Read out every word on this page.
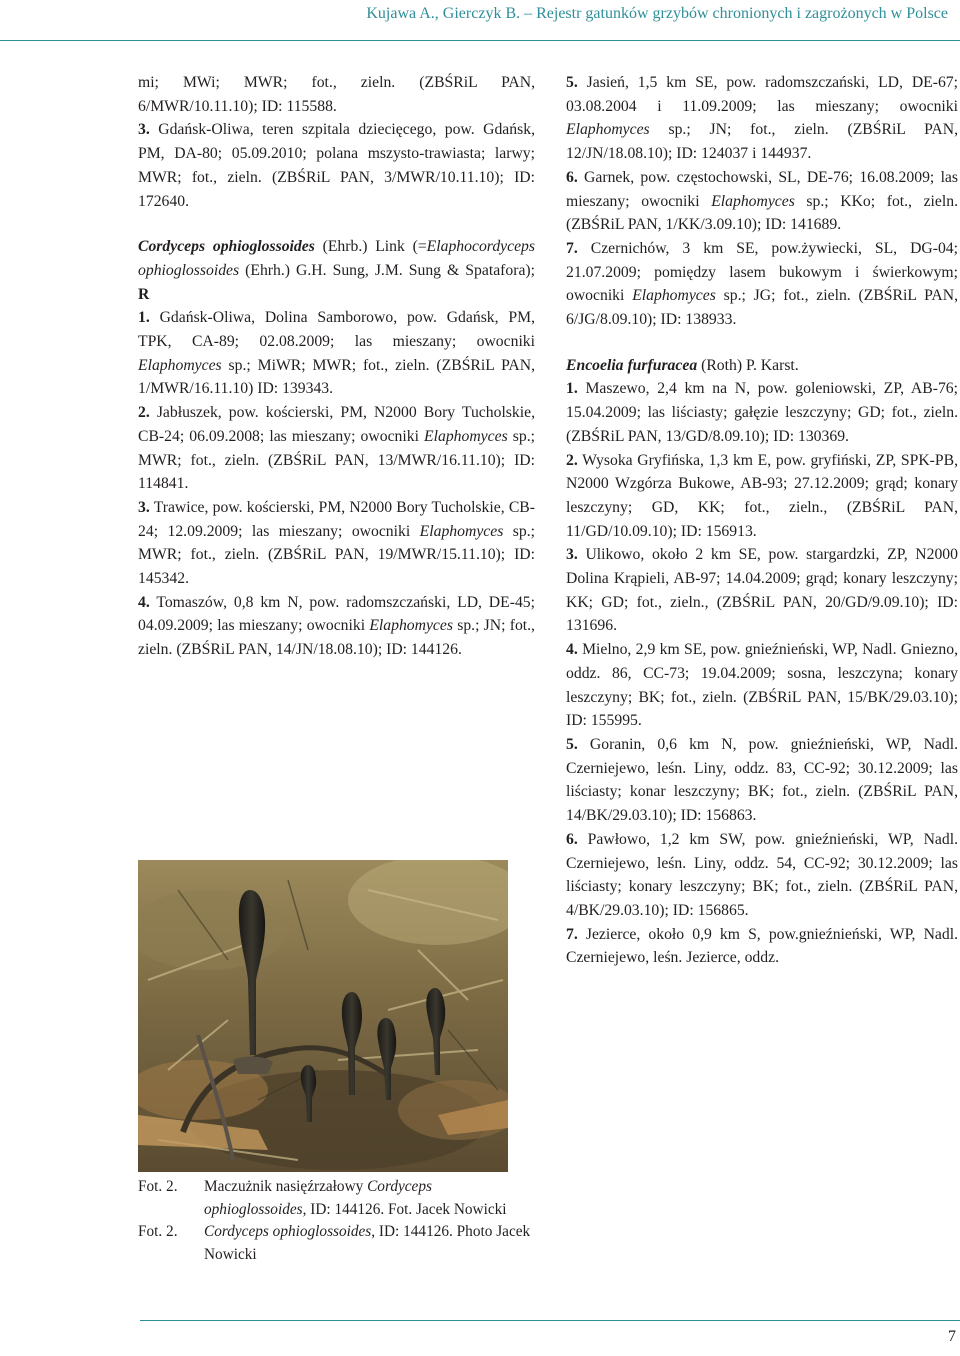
Kujawa A., Gierczyk B. – Rejestr gatunków grzybów chronionych i zagrożonych w Polsce

mi; MWi; MWR; fot., zieln. (ZBŚRiL PAN, 6/MWR/10.11.10); ID: 115588.

3. Gdańsk-Oliwa, teren szpitala dziecięcego, pow. Gdańsk, PM, DA-80; 05.09.2010; polana mszysto-trawiasta; larwy; MWR; fot., zieln. (ZBŚRiL PAN, 3/MWR/10.11.10); ID: 172640.

Cordyceps ophioglossoides (Ehrb.) Link (=Elaphocordyceps ophioglossoides (Ehrh.) G.H. Sung, J.M. Sung & Spatafora); R

1. Gdańsk-Oliwa, Dolina Samborowo, pow. Gdańsk, PM, TPK, CA-89; 02.08.2009; las mieszany; owocniki Elaphomyces sp.; MiWR; MWR; fot., zieln. (ZBŚRiL PAN, 1/MWR/16.11.10) ID: 139343.

2. Jabłuszek, pow. kościerski, PM, N2000 Bory Tucholskie, CB-24; 06.09.2008; las mieszany; owocniki Elaphomyces sp.; MWR; fot., zieln. (ZBŚRiL PAN, 13/MWR/16.11.10); ID: 114841.

3. Trawice, pow. kościerski, PM, N2000 Bory Tucholskie, CB-24; 12.09.2009; las mieszany; owocniki Elaphomyces sp.; MWR; fot., zieln. (ZBŚRiL PAN, 19/MWR/15.11.10); ID: 145342.

4. Tomaszów, 0,8 km N, pow. radomszczański, LD, DE-45; 04.09.2009; las mieszany; owocniki Elaphomyces sp.; JN; fot., zieln. (ZBŚRiL PAN, 14/JN/18.08.10); ID: 144126.

Fot. 2.	Maczużnik nasięźrzałowy Cordyceps ophioglossoides, ID: 144126. Fot. Jacek Nowicki
Fot. 2.	Cordyceps ophioglossoides, ID: 144126. Photo Jacek Nowicki

5. Jasień, 1,5 km SE, pow. radomszczański, LD, DE-67; 03.08.2004 i 11.09.2009; las mieszany; owocniki Elaphomyces sp.; JN; fot., zieln. (ZBŚRiL PAN, 12/JN/18.08.10); ID: 124037 i 144937.

6. Garnek, pow. częstochowski, SL, DE-76; 16.08.2009; las mieszany; owocniki Elaphomyces sp.; KKo; fot., zieln. (ZBŚRiL PAN, 1/KK/3.09.10); ID: 141689.

7. Czernichów, 3 km SE, pow.żywiecki, SL, DG-04; 21.07.2009; pomiędzy lasem bukowym i świerkowym; owocniki Elaphomyces sp.; JG; fot., zieln. (ZBŚRiL PAN, 6/JG/8.09.10); ID: 138933.

Encoelia furfuracea (Roth) P. Karst.

1. Maszewo, 2,4 km na N, pow. goleniowski, ZP, AB-76; 15.04.2009; las liściasty; gałęzie leszczyny; GD; fot., zieln. (ZBŚRiL PAN, 13/GD/8.09.10); ID: 130369.

2. Wysoka Gryfińska, 1,3 km E, pow. gryfiński, ZP, SPK-PB, N2000 Wzgórza Bukowe, AB-93; 27.12.2009; grąd; konary leszczyny; GD, KK; fot., zieln., (ZBŚRiL PAN, 11/GD/10.09.10); ID: 156913.

3. Ulikowo, około 2 km SE, pow. stargardzki, ZP, N2000 Dolina Krąpieli, AB-97; 14.04.2009; grąd; konary leszczyny; KK; GD; fot., zieln., (ZBŚRiL PAN, 20/GD/9.09.10); ID: 131696.

4. Mielno, 2,9 km SE, pow. gnieźnieński, WP, Nadl. Gniezno, oddz. 86, CC-73; 19.04.2009; sosna, leszczyna; konary leszczyny; BK; fot., zieln. (ZBŚRiL PAN, 15/BK/29.03.10); ID: 155995.

5. Goranin, 0,6 km N, pow. gnieźnieński, WP, Nadl. Czerniejewo, leśn. Liny, oddz. 83, CC-92; 30.12.2009; las liściasty; konar leszczyny; BK; fot., zieln. (ZBŚRiL PAN, 14/BK/29.03.10); ID: 156863.

6. Pawłowo, 1,2 km SW, pow. gnieźnieński, WP, Nadl. Czerniejewo, leśn. Liny, oddz. 54, CC-92; 30.12.2009; las liściasty; konary leszczyny; BK; fot., zieln. (ZBŚRiL PAN, 4/BK/29.03.10); ID: 156865.

7. Jezierce, około 0,9 km S, pow.gnieźnieński, WP, Nadl. Czerniejewo, leśn. Jezierce, oddz.

7
